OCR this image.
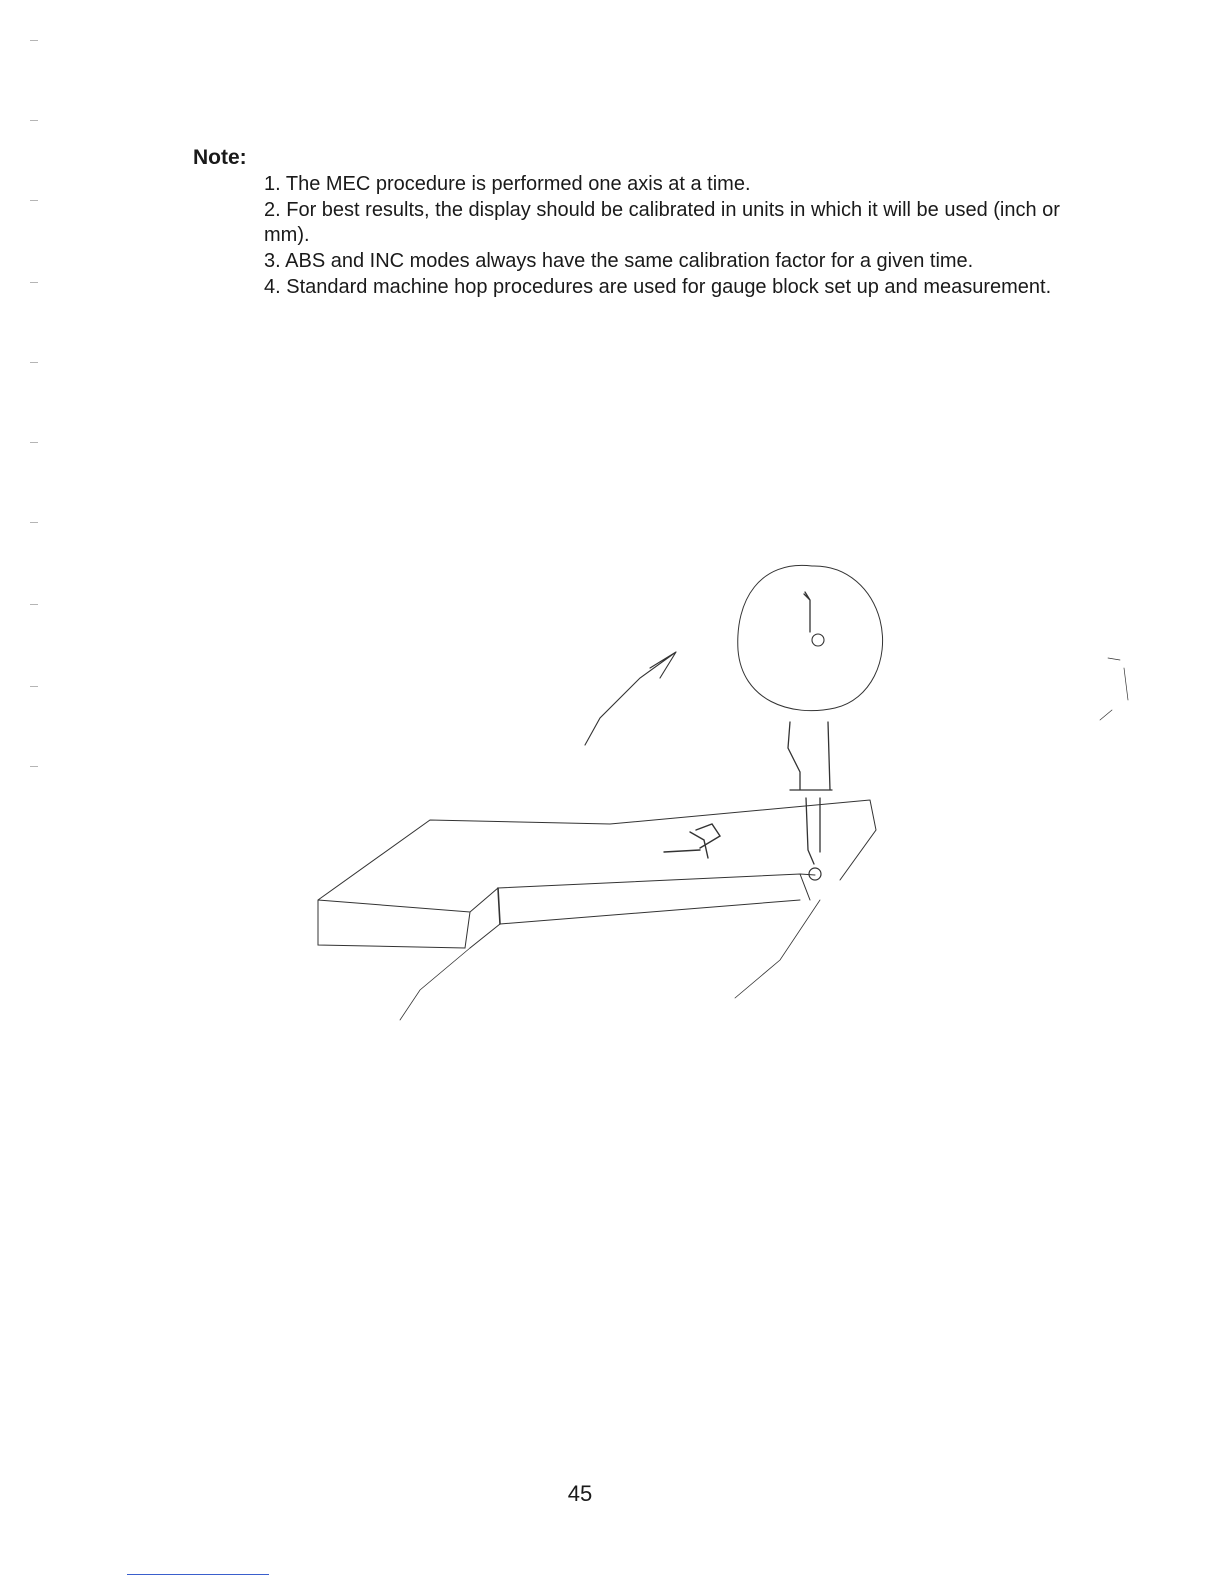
Note:

1. The MEC procedure is performed one axis at a time.

2. For best results, the display should be calibrated in units in which it will be used (inch or mm).

3. ABS and INC modes always have the same calibration factor for a given time.

4. Standard machine hop procedures are used for gauge block set up and measurement.

45
